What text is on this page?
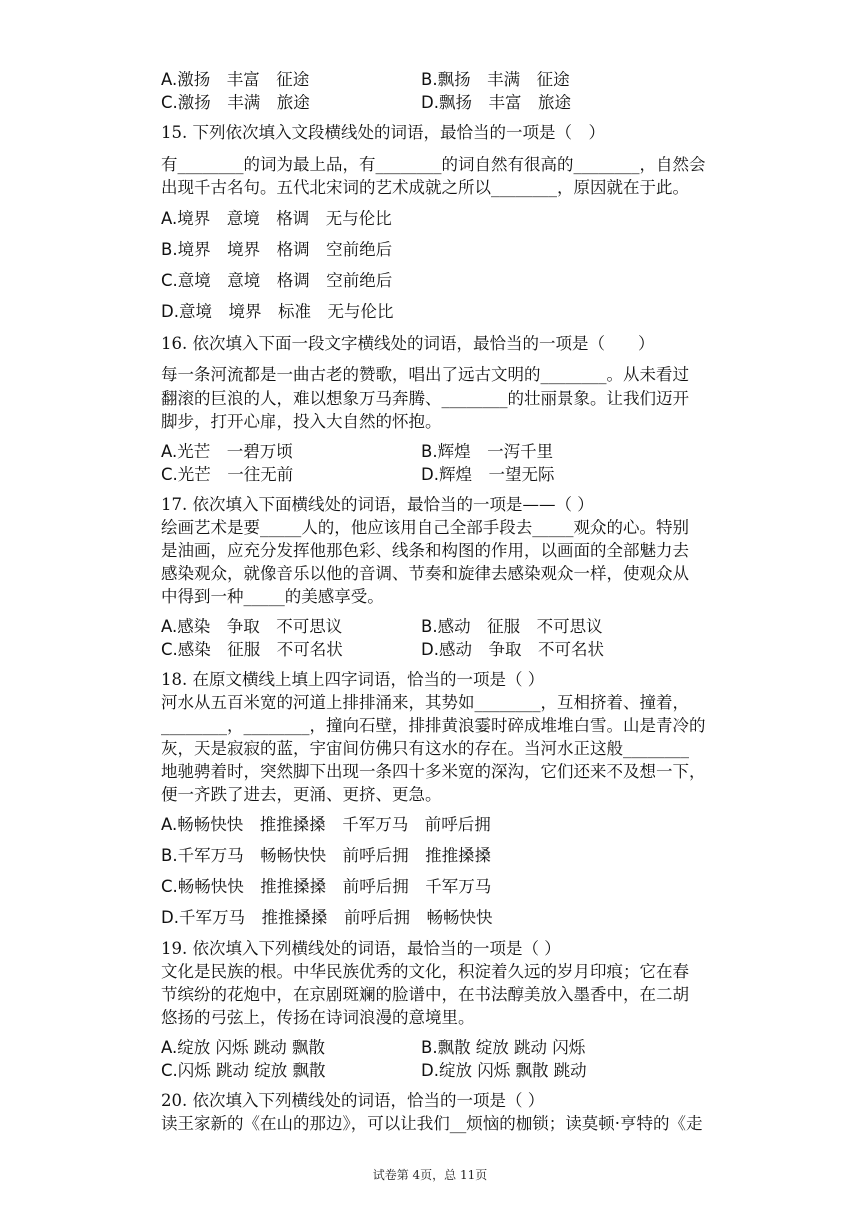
A.激扬　丰富　征途	B.飘扬　丰满　征途
C.激扬　丰满　旅途	D.飘扬　丰富　旅途
15. 下列依次填入文段横线处的词语，最恰当的一项是（　）
有________的词为最上品，有________的词自然有很高的________，自然会
出现千古名句。五代北宋词的艺术成就之所以________，原因就在于此。
A.境界　意境　格调　无与伦比
B.境界　境界　格调　空前绝后
C.意境　意境　格调　空前绝后
D.意境　境界　标准　无与伦比
16. 依次填入下面一段文字横线处的词语，最恰当的一项是（　　）
每一条河流都是一曲古老的赞歌，唱出了远古文明的________。从未看过
翻滚的巨浪的人，难以想象万马奔腾、________的壮丽景象。让我们迈开
脚步，打开心扉，投入大自然的怀抱。
A.光芒　一碧万顷	B.辉煌　一泻千里
C.光芒　一往无前	D.辉煌　一望无际
17. 依次填入下面横线处的词语，最恰当的一项是——（ ）
绘画艺术是要_____人的，他应该用自己全部手段去_____观众的心。特别
是油画，应充分发挥他那色彩、线条和构图的作用，以画面的全部魅力去
感染观众，就像音乐以他的音调、节奏和旋律去感染观众一样，使观众从
中得到一种_____的美感享受。
A.感染　争取　不可思议	B.感动　征服　不可思议
C.感染　征服　不可名状	D.感动　争取　不可名状
18. 在原文横线上填上四字词语，恰当的一项是（ ）
河水从五百米宽的河道上排排涌来，其势如________，互相挤着、撞着，
________，________，撞向石壁，排排黄浪霎时碎成堆堆白雪。山是青冷的
灰，天是寂寂的蓝，宇宙间仿佛只有这水的存在。当河水正这般________
地驰骋着时，突然脚下出现一条四十多米宽的深沟，它们还来不及想一下，
便一齐跌了进去，更涌、更挤、更急。
A.畅畅快快　推推搡搡　千军万马　前呼后拥
B.千军万马　畅畅快快　前呼后拥　推推搡搡
C.畅畅快快　推推搡搡　前呼后拥　千军万马
D.千军万马　推推搡搡　前呼后拥　畅畅快快
19. 依次填入下列横线处的词语，最恰当的一项是（ ）
文化是民族的根。中华民族优秀的文化，积淀着久远的岁月印痕；它在春
节缤纷的花炮中，在京剧斑斓的脸谱中，在书法醇美放入墨香中，在二胡
悠扬的弓弦上，传扬在诗词浪漫的意境里。
A.绽放 闪烁 跳动 飘散	B.飘散 绽放 跳动 闪烁
C.闪烁 跳动 绽放 飘散	D.绽放 闪烁 飘散 跳动
20. 依次填入下列横线处的词语，恰当的一项是（ ）
读王家新的《在山的那边》，可以让我们__烦恼的枷锁；读莫顿·亨特的《走
试卷第 4页，总 11页
